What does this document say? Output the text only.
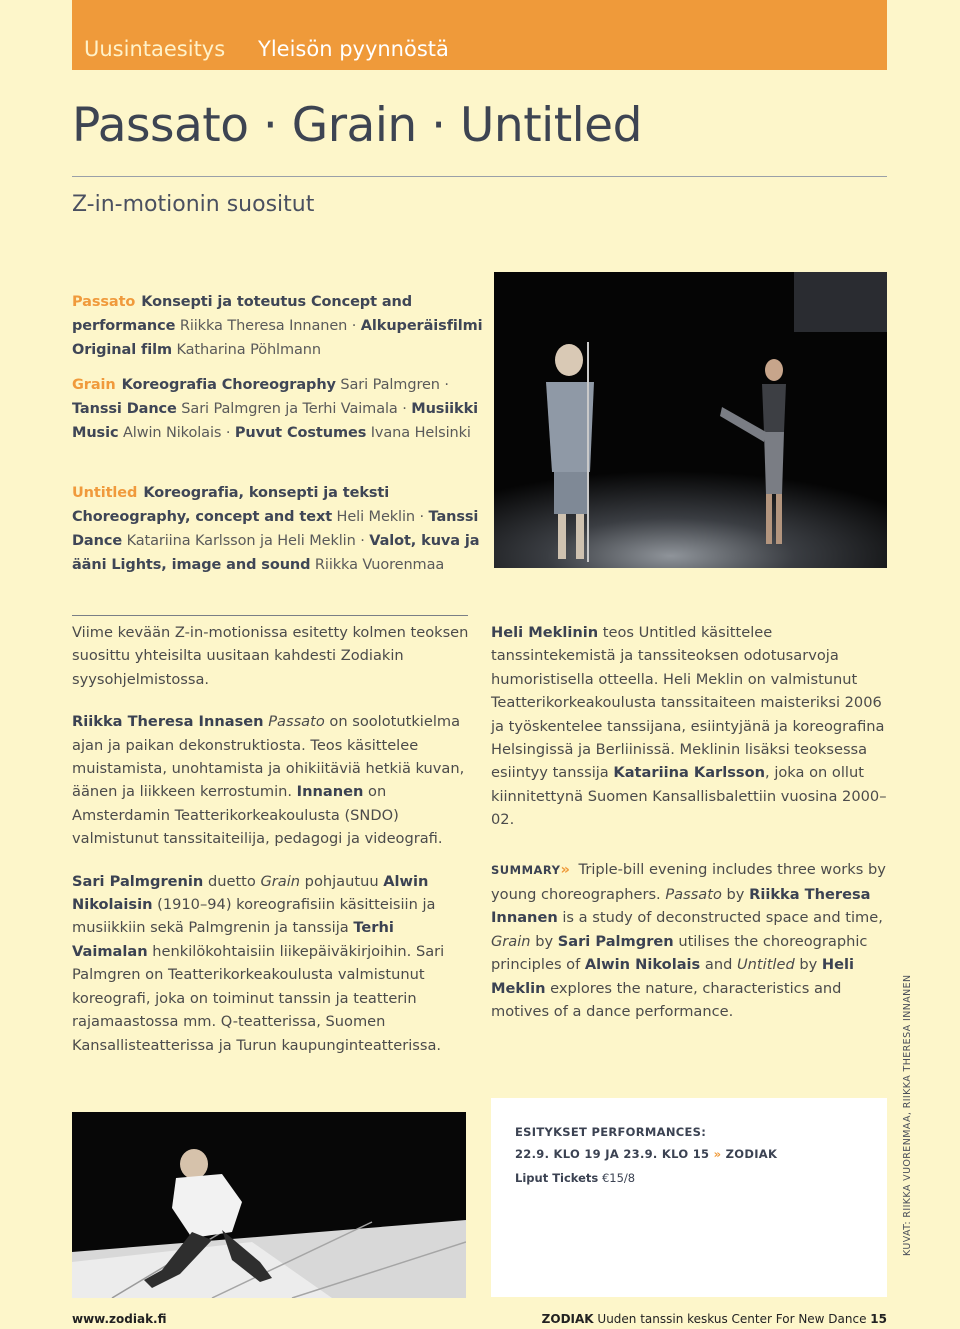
Uusintaesitys Yleisön pyynnöstä
Passato · Grain · Untitled
Z-in-motionin suositut
Passato Konsepti ja toteutus Concept and performance Riikka Theresa Innanen · Alkuperäisfilmi Original film Katharina Pöhlmann
Grain Koreografia Choreography Sari Palmgren · Tanssi Dance Sari Palmgren ja Terhi Vaimala · Musiikki Music Alwin Nikolais · Puvut Costumes Ivana Helsinki
Untitled Koreografia, konsepti ja teksti Choreography, concept and text Heli Meklin · Tanssi Dance Katariina Karlsson ja Heli Meklin · Valot, kuva ja ääni Lights, image and sound Riikka Vuorenmaa

Viime kevään Z-in-motionissa esitetty kolmen teoksen suosittu yhteisilta uusitaan kahdesti Zodiakin syysohjelmistossa.

Riikka Theresa Innasen Passato on soolotutkielma ajan ja paikan dekonstruktiosta. Teos käsittelee muistamista, unohtamista ja ohikiitäviä hetkiä kuvan, äänen ja liikkeen kerrostumin. Innanen on Amsterdamin Teatterikorkeakoulusta (SNDO) valmistunut tanssitaiteilija, pedagogi ja videografi.

Sari Palmgrenin duetto Grain pohjautuu Alwin Nikolaisin (1910–94) koreografisiin käsitteisiin ja musiikkiin sekä Palmgrenin ja tanssija Terhi Vaimalan henkilökohtaisiin liikepäiväkirjoihin. Sari Palmgren on Teatterikorkeakoulusta valmistunut koreografi, joka on toiminut tanssin ja teatterin rajamaastossa mm. Q-teatterissa, Suomen Kansallisteatterissa ja Turun kaupunginteatterissa.

Heli Meklinin teos Untitled käsittelee tanssintekemistä ja tanssiteoksen odotusarvoja humoristisella otteella. Heli Meklin on valmistunut Teatterikorkeakoulusta tanssitaiteen maisteriksi 2006 ja työskentelee tanssijana, esiintyjänä ja koreografina Helsingissä ja Berliinissä. Meklinin lisäksi teoksessa esiintyy tanssija Katariina Karlsson, joka on ollut kiinnitettynä Suomen Kansallisbalettiin vuosina 2000–02.

SUMMARY» Triple-bill evening includes three works by young choreographers. Passato by Riikka Theresa Innanen is a study of deconstructed space and time, Grain by Sari Palmgren utilises the choreographic principles of Alwin Nikolais and Untitled by Heli Meklin explores the nature, characteristics and motives of a dance performance.
ESITYKSET PERFORMANCES:
22.9. KLO 19 JA 23.9. KLO 15 » ZODIAK
Liput Tickets €15/8	KUVAT: RIIKKA VUORENMAA, RIIKKA THERESA INNANEN
www.zodiak.fi	ZODIAK Uuden tanssin keskus Center For New Dance 15
